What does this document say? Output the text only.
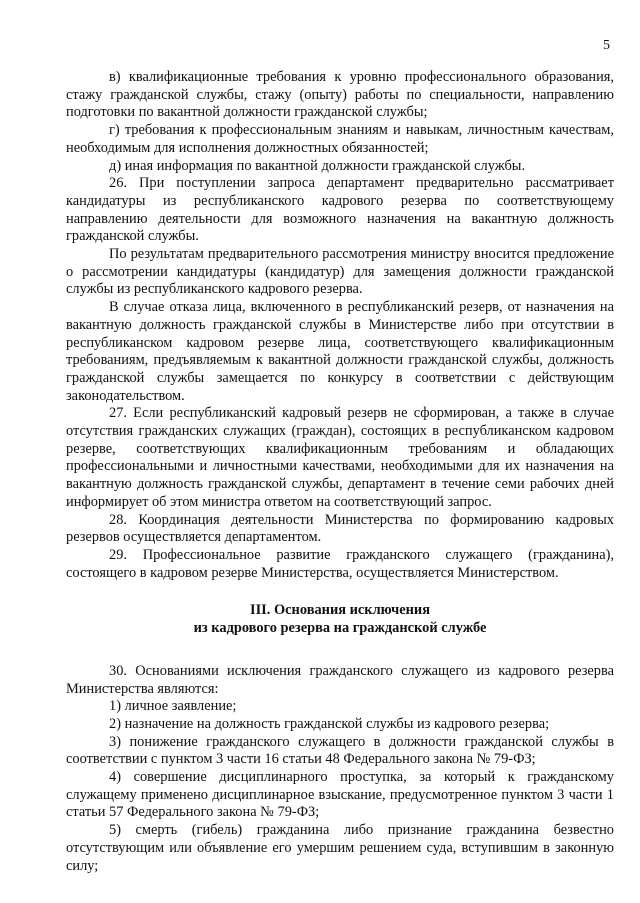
5

в) квалификационные требования к уровню профессионального образования, стажу гражданской службы, стажу (опыту) работы по специальности, направлению подготовки по вакантной должности гражданской службы;

г) требования к профессиональным знаниям и навыкам, личностным качествам, необходимым для исполнения должностных обязанностей;

д) иная информация по вакантной должности гражданской службы.

26. При поступлении запроса департамент предварительно рассматривает кандидатуры из республиканского кадрового резерва по соответствующему направлению деятельности для возможного назначения на вакантную должность гражданской службы.

По результатам предварительного рассмотрения министру вносится предложение о рассмотрении кандидатуры (кандидатур) для замещения должности гражданской службы из республиканского кадрового резерва.

В случае отказа лица, включенного в республиканский резерв, от назначения на вакантную должность гражданской службы в Министерстве либо при отсутствии в республиканском кадровом резерве лица, соответствующего квалификационным требованиям, предъявляемым к вакантной должности гражданской службы, должность гражданской службы замещается по конкурсу в соответствии с действующим законодательством.

27. Если республиканский кадровый резерв не сформирован, а также в случае отсутствия гражданских служащих (граждан), состоящих в республиканском кадровом резерве, соответствующих квалификационным требованиям и обладающих профессиональными и личностными качествами, необходимыми для их назначения на вакантную должность гражданской службы, департамент в течение семи рабочих дней информирует об этом министра ответом на соответствующий запрос.

28. Координация деятельности Министерства по формированию кадровых резервов осуществляется департаментом.

29. Профессиональное развитие гражданского служащего (гражданина), состоящего в кадровом резерве Министерства, осуществляется Министерством.

III. Основания исключения
из кадрового резерва на гражданской службе

30. Основаниями исключения гражданского служащего из кадрового резерва Министерства являются:

1) личное заявление;

2) назначение на должность гражданской службы из кадрового резерва;

3) понижение гражданского служащего в должности гражданской службы в соответствии с пунктом 3 части 16 статьи 48 Федерального закона № 79-ФЗ;

4) совершение дисциплинарного проступка, за который к гражданскому служащему применено дисциплинарное взыскание, предусмотренное пунктом 3 части 1 статьи 57 Федерального закона № 79-ФЗ;

5) смерть (гибель) гражданина либо признание гражданина безвестно отсутствующим или объявление его умершим решением суда, вступившим в законную силу;
